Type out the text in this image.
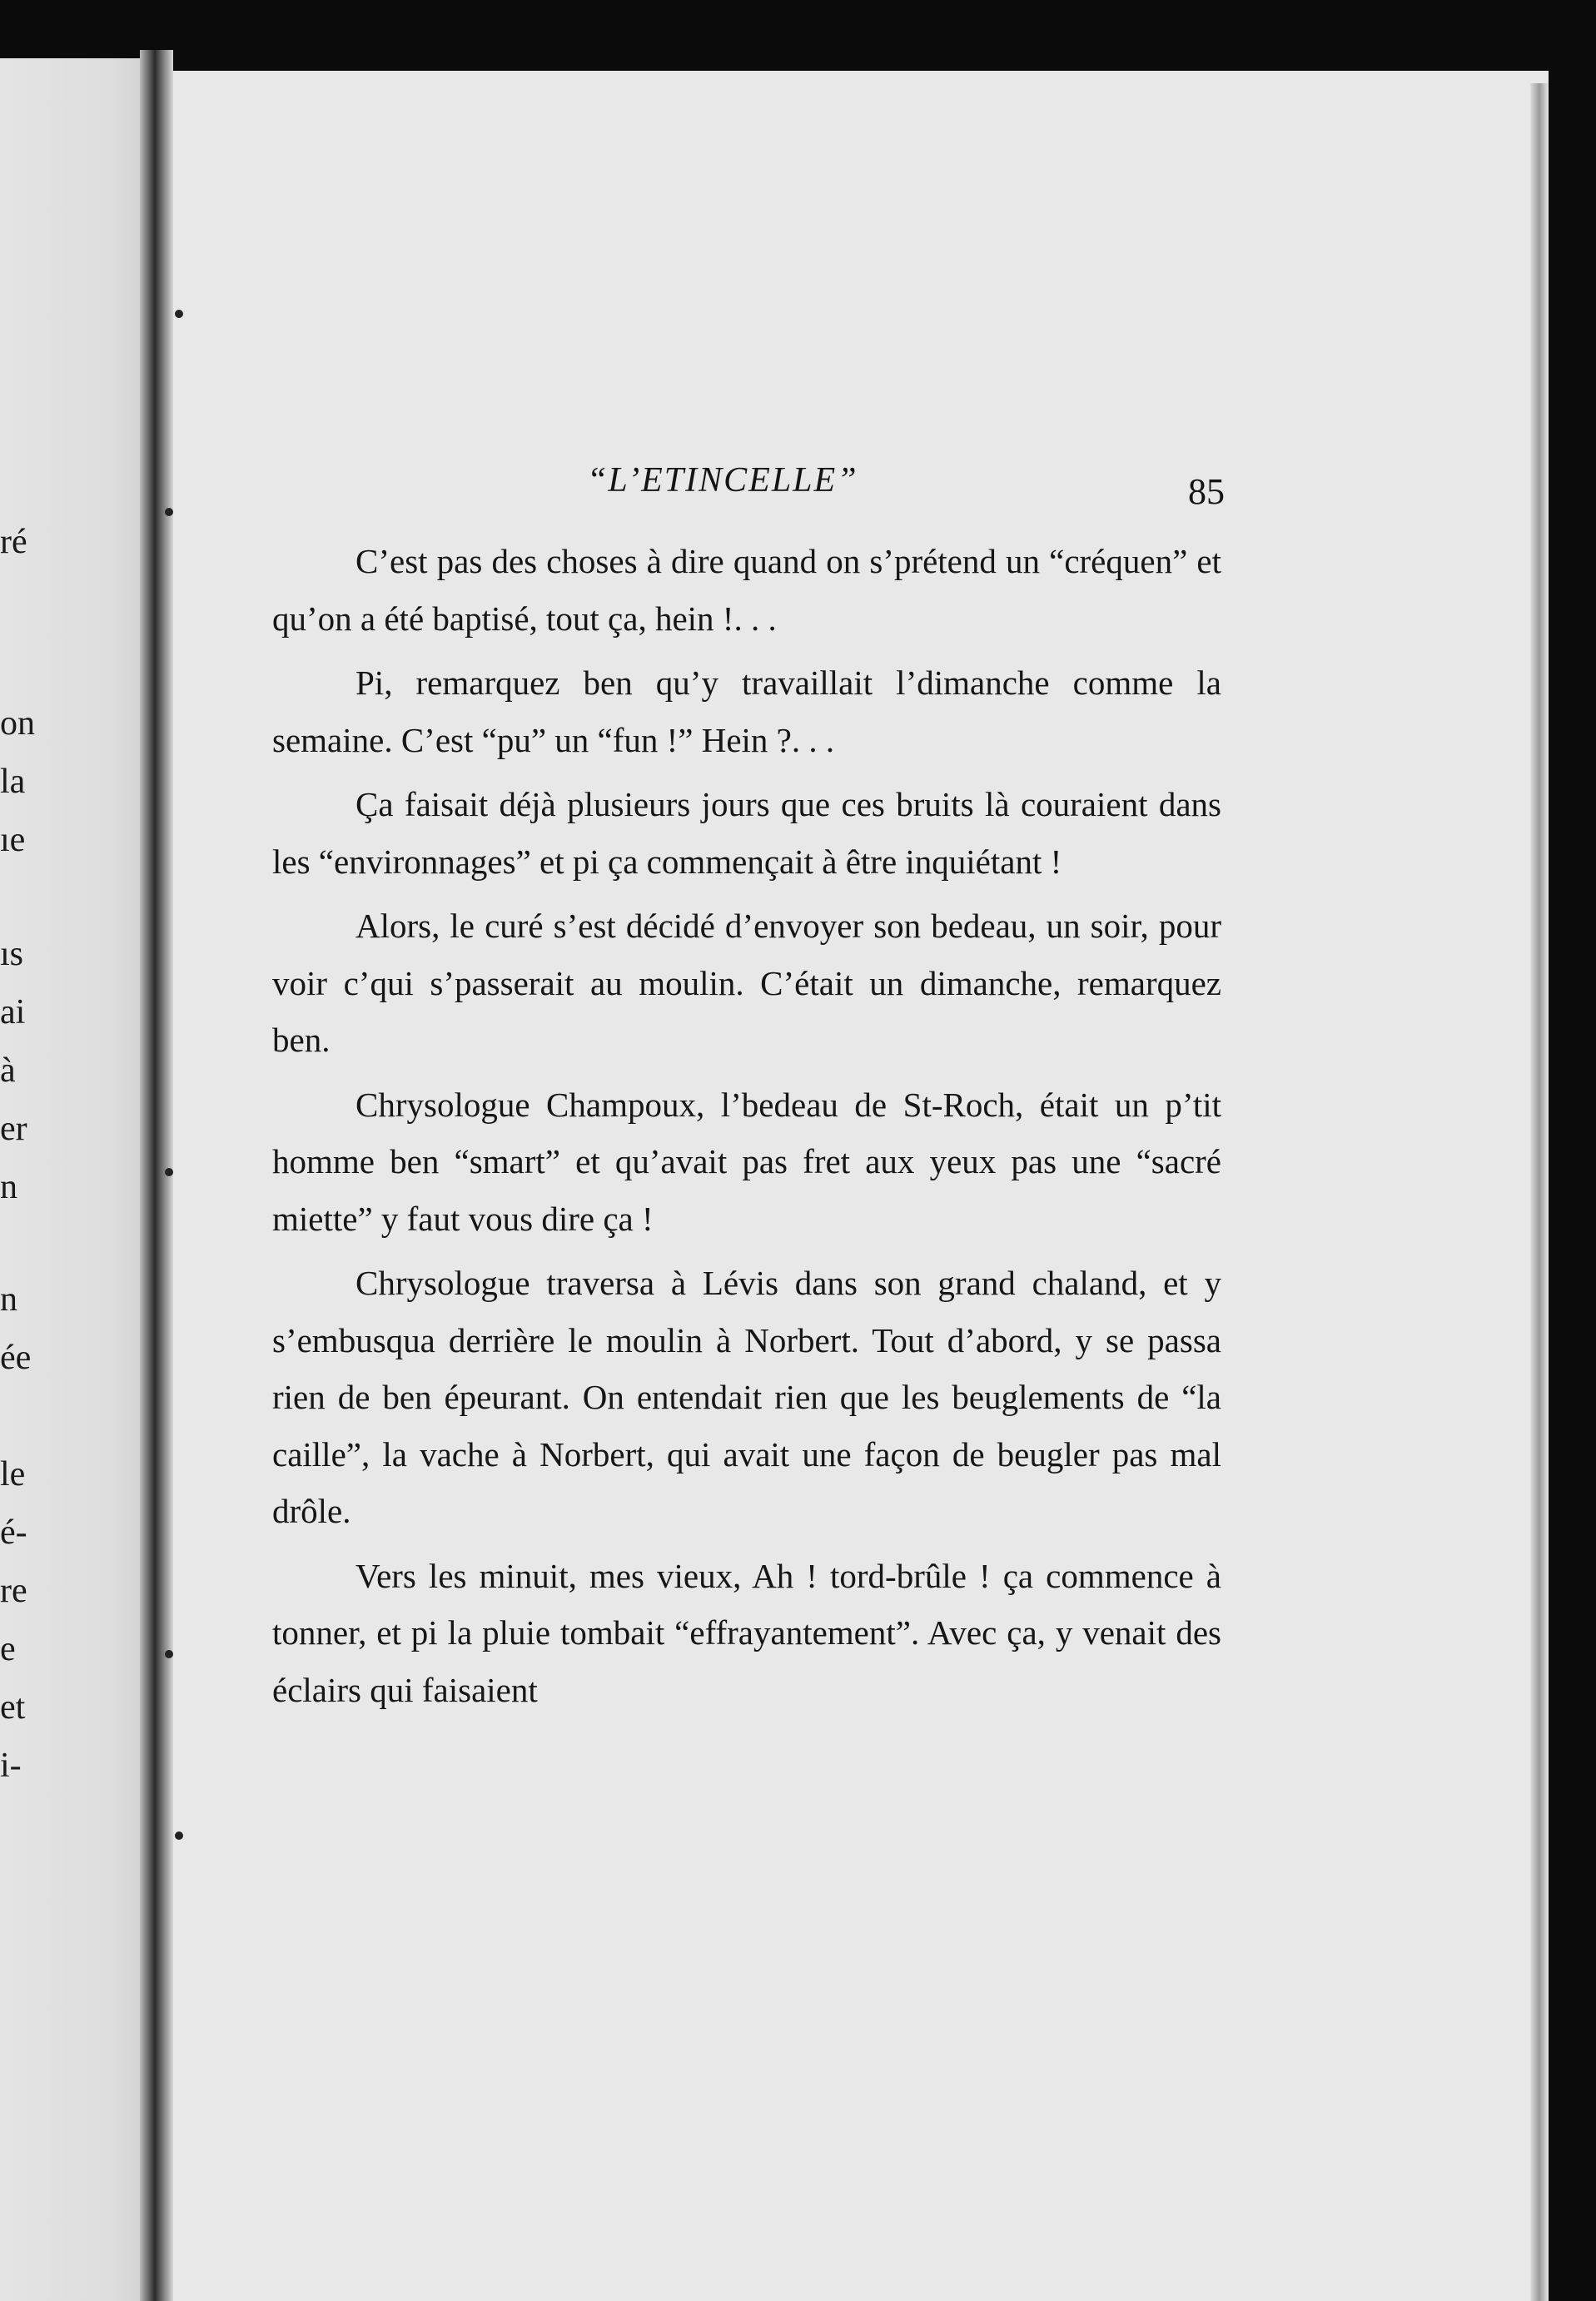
ré
on
la
ıe
ıs
ai
à
er
n
n
ée
le
é-
re
e
et
i-
“L’ETINCELLE”	85

C’est pas des choses à dire quand on s’prétend un “créquen” et qu’on a été baptisé, tout ça, hein !. . .

Pi, remarquez ben qu’y travaillait l’dimanche comme la semaine. C’est “pu” un “fun !” Hein ?. . .

Ça faisait déjà plusieurs jours que ces bruits là couraient dans les “environnages” et pi ça commençait à être inquiétant !

Alors, le curé s’est décidé d’envoyer son bedeau, un soir, pour voir c’qui s’passerait au moulin. C’était un dimanche, remarquez ben.

Chrysologue Champoux, l’bedeau de St-Roch, était un p’tit homme ben “smart” et qu’avait pas fret aux yeux pas une “sacré miette” y faut vous dire ça !

Chrysologue traversa à Lévis dans son grand chaland, et y s’embusqua derrière le moulin à Norbert. Tout d’abord, y se passa rien de ben épeurant. On entendait rien que les beuglements de “la caille”, la vache à Norbert, qui avait une façon de beugler pas mal drôle.

Vers les minuit, mes vieux, Ah ! tord-brûle ! ça commence à tonner, et pi la pluie tombait “effrayantement”. Avec ça, y venait des éclairs qui faisaient
